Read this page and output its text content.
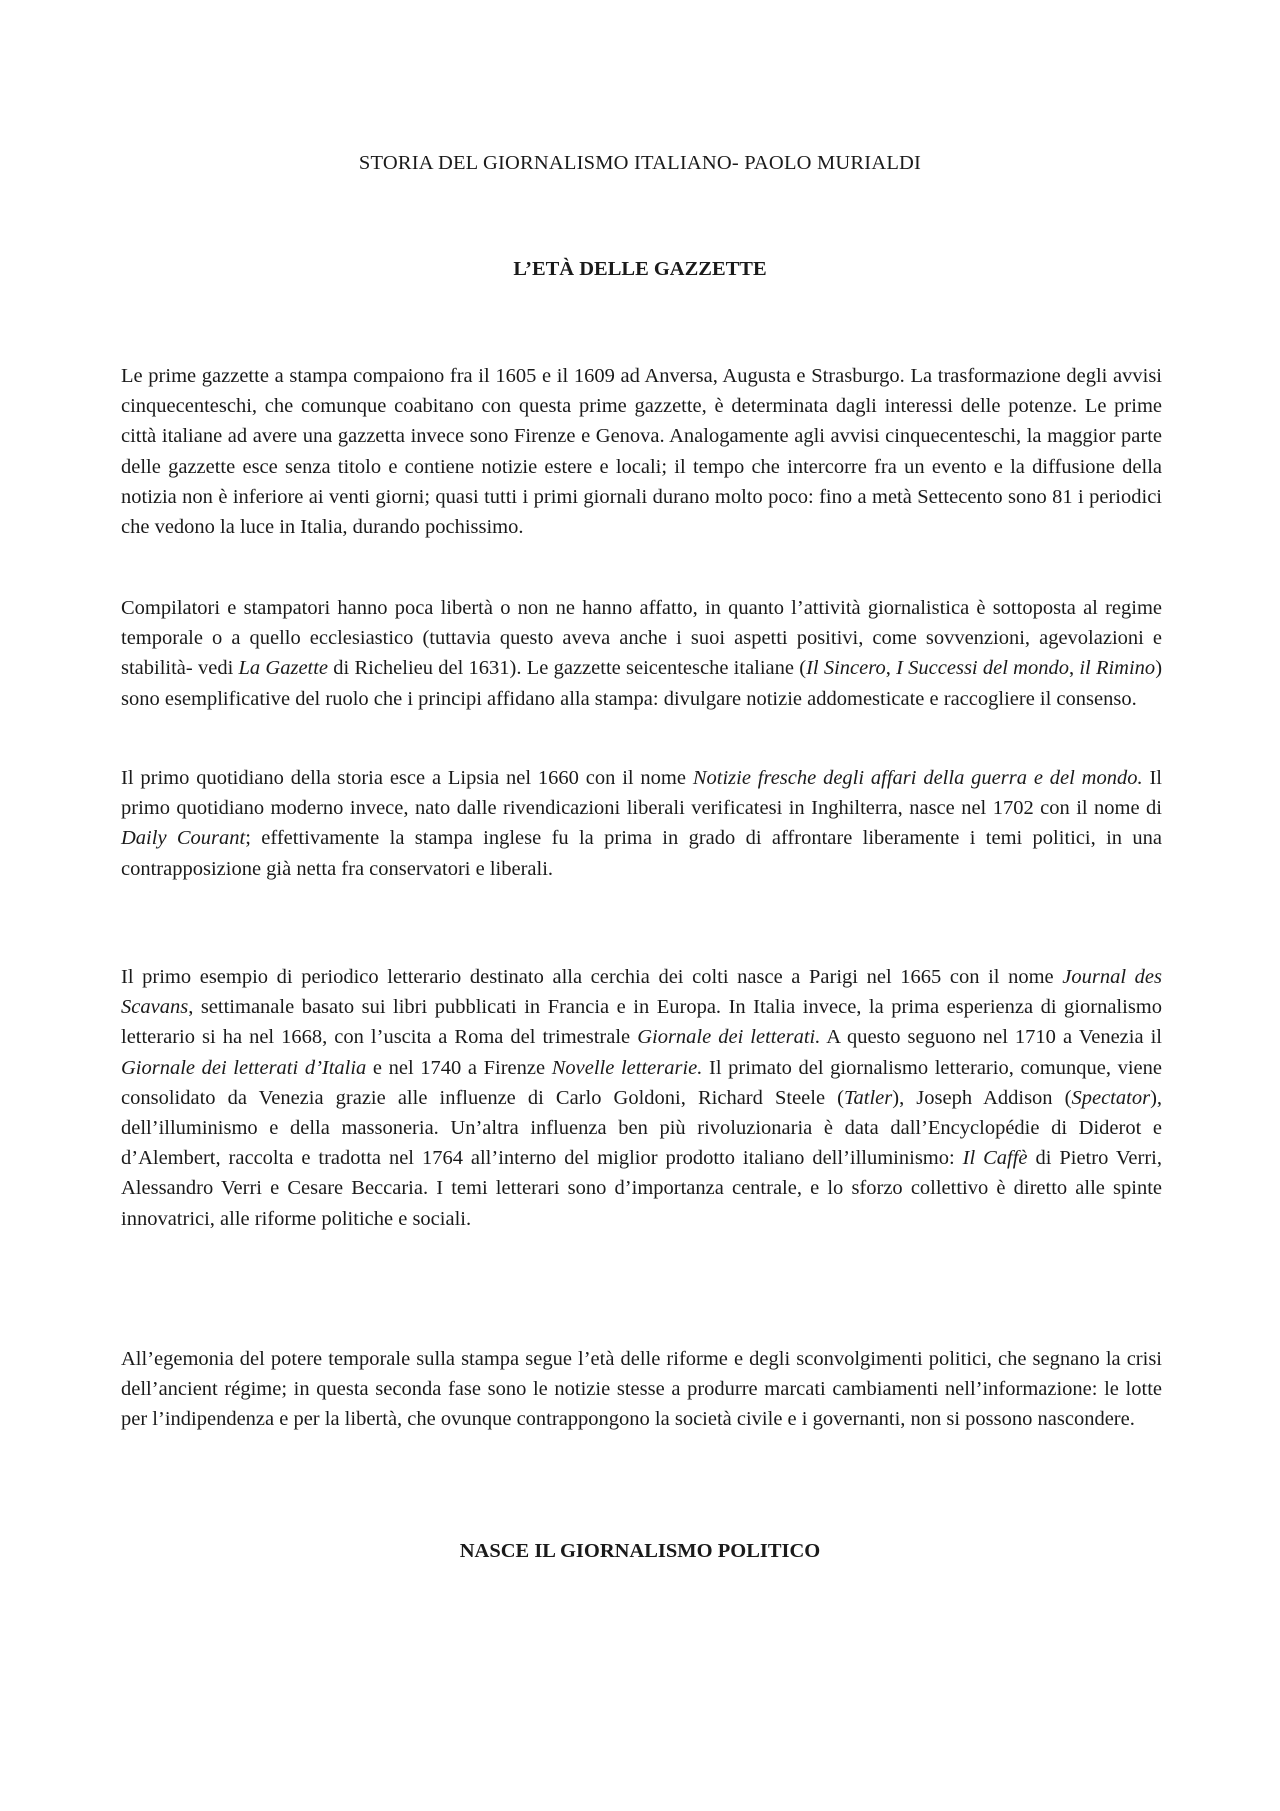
STORIA DEL GIORNALISMO ITALIANO- PAOLO MURIALDI
L’ETÀ DELLE GAZZETTE

Le prime gazzette a stampa compaiono fra il 1605 e il 1609 ad Anversa, Augusta e Strasburgo. La trasformazione degli avvisi cinquecenteschi, che comunque coabitano con questa prime gazzette, è determinata dagli interessi delle potenze. Le prime città italiane ad avere una gazzetta invece sono Firenze e Genova. Analogamente agli avvisi cinquecenteschi, la maggior parte delle gazzette esce senza titolo e contiene notizie estere e locali; il tempo che intercorre fra un evento e la diffusione della notizia non è inferiore ai venti giorni; quasi tutti i primi giornali durano molto poco: fino a metà Settecento sono 81 i periodici che vedono la luce in Italia, durando pochissimo.

Compilatori e stampatori hanno poca libertà o non ne hanno affatto, in quanto l’attività giornalistica è sottoposta al regime temporale o a quello ecclesiastico (tuttavia questo aveva anche i suoi aspetti positivi, come sovvenzioni, agevolazioni e stabilità- vedi La Gazette di Richelieu del 1631). Le gazzette seicentesche italiane (Il Sincero, I Successi del mondo, il Rimino) sono esemplificative del ruolo che i principi affidano alla stampa: divulgare notizie addomesticate e raccogliere il consenso.

Il primo quotidiano della storia esce a Lipsia nel 1660 con il nome Notizie fresche degli affari della guerra e del mondo. Il primo quotidiano moderno invece, nato dalle rivendicazioni liberali verificatesi in Inghilterra, nasce nel 1702 con il nome di Daily Courant; effettivamente la stampa inglese fu la prima in grado di affrontare liberamente i temi politici, in una contrapposizione già netta fra conservatori e liberali.

Il primo esempio di periodico letterario destinato alla cerchia dei colti nasce a Parigi nel 1665 con il nome Journal des Scavans, settimanale basato sui libri pubblicati in Francia e in Europa. In Italia invece, la prima esperienza di giornalismo letterario si ha nel 1668, con l’uscita a Roma del trimestrale Giornale dei letterati. A questo seguono nel 1710 a Venezia il Giornale dei letterati d’Italia e nel 1740 a Firenze Novelle letterarie. Il primato del giornalismo letterario, comunque, viene consolidato da Venezia grazie alle influenze di Carlo Goldoni, Richard Steele (Tatler), Joseph Addison (Spectator), dell’illuminismo e della massoneria. Un’altra influenza ben più rivoluzionaria è data dall’Encyclopédie di Diderot e d’Alembert, raccolta e tradotta nel 1764 all’interno del miglior prodotto italiano dell’illuminismo: Il Caffè di Pietro Verri, Alessandro Verri e Cesare Beccaria. I temi letterari sono d’importanza centrale, e lo sforzo collettivo è diretto alle spinte innovatrici, alle riforme politiche e sociali.

All’egemonia del potere temporale sulla stampa segue l’età delle riforme e degli sconvolgimenti politici, che segnano la crisi dell’ancient régime; in questa seconda fase sono le notizie stesse a produrre marcati cambiamenti nell’informazione: le lotte per l’indipendenza e per la libertà, che ovunque contrappongono la società civile e i governanti, non si possono nascondere.

NASCE IL GIORNALISMO POLITICO
